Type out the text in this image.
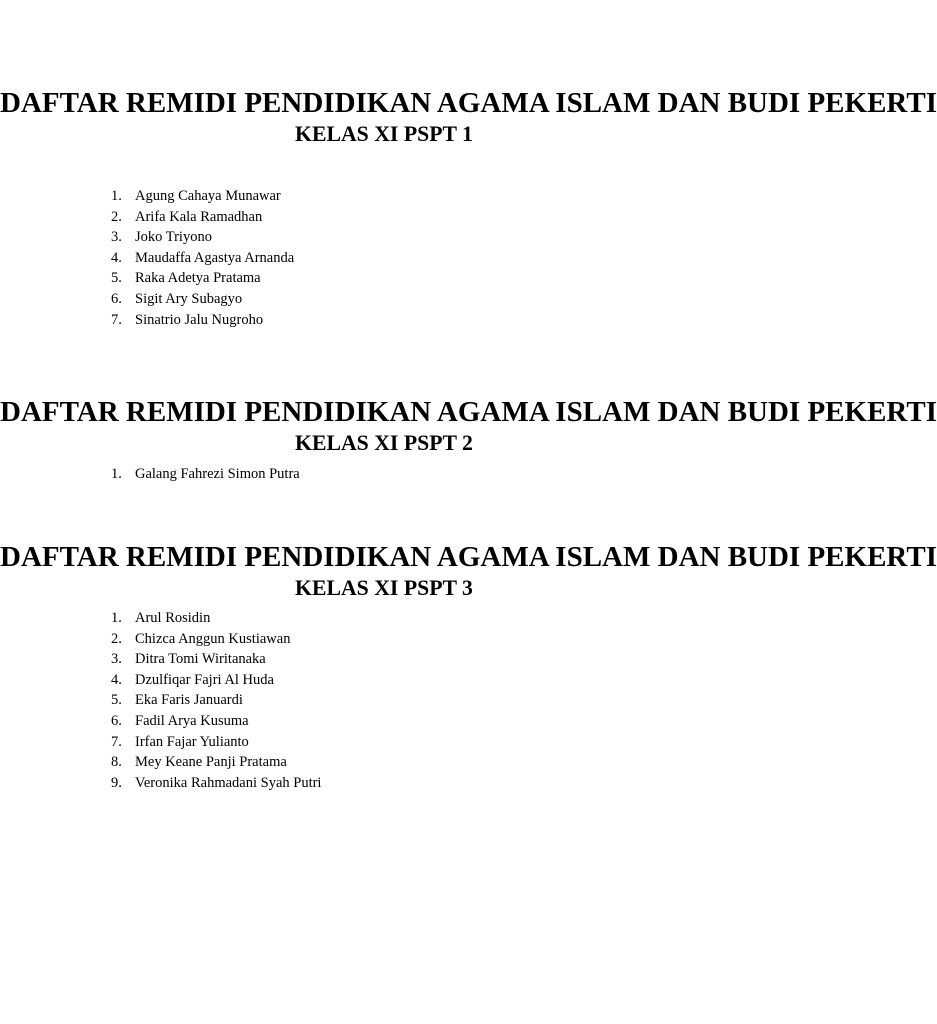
DAFTAR REMIDI PENDIDIKAN AGAMA ISLAM DAN BUDI PEKERTI
KELAS XI PSPT 1
1. Agung Cahaya Munawar
2. Arifa Kala Ramadhan
3. Joko Triyono
4. Maudaffa Agastya Arnanda
5. Raka Adetya Pratama
6. Sigit Ary Subagyo
7. Sinatrio Jalu Nugroho
DAFTAR REMIDI PENDIDIKAN AGAMA ISLAM DAN BUDI PEKERTI
KELAS XI PSPT 2
1. Galang Fahrezi Simon Putra
DAFTAR REMIDI PENDIDIKAN AGAMA ISLAM DAN BUDI PEKERTI
KELAS XI PSPT 3
1. Arul Rosidin
2. Chizca Anggun Kustiawan
3. Ditra Tomi Wiritanaka
4. Dzulfiqar Fajri Al Huda
5. Eka Faris Januardi
6. Fadil Arya Kusuma
7. Irfan Fajar Yulianto
8. Mey Keane Panji Pratama
9. Veronika Rahmadani Syah Putri
